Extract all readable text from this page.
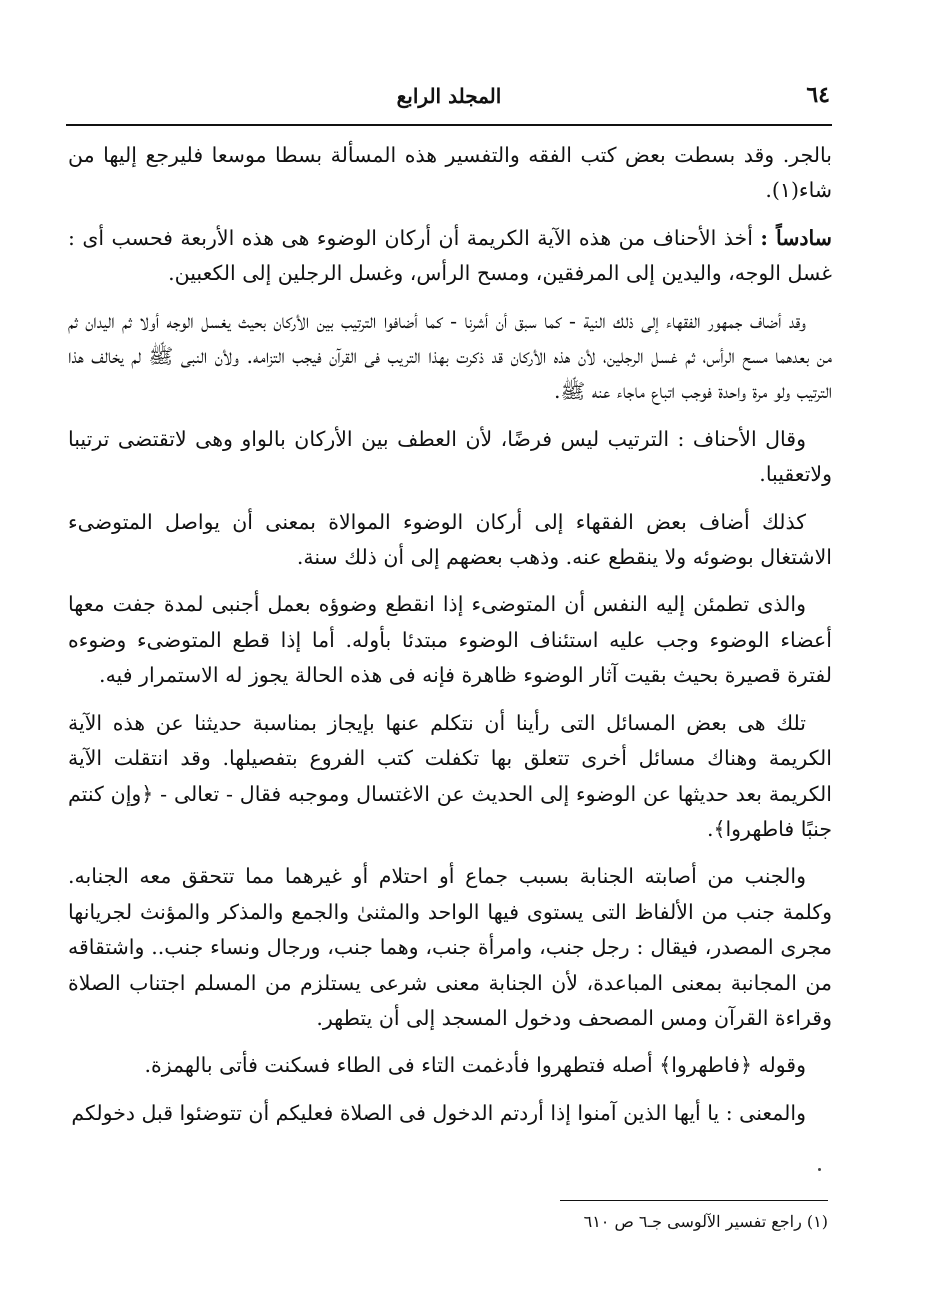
٦٤
المجلد الرابع

بالجر. وقد بسطت بعض كتب الفقه والتفسير هذه المسألة بسطا موسعا فليرجع إليها من شاء(١).

سادساً : أخذ الأحناف من هذه الآية الكريمة أن أركان الوضوء هى هذه الأربعة فحسب أى : غسل الوجه، واليدين إلى المرفقين، ومسح الرأس، وغسل الرجلين إلى الكعبين.

وقد أضاف جمهور الفقهاء إلى ذلك النية - كما سبق أن أشرنا - كما أضافوا الترتيب بين الأركان بحيث يغسل الوجه أولا ثم اليدان ثم من بعدهما مسح الرأس، ثم غسل الرجلين، لأن هذه الأركان قد ذكرت بهذا التريب فى القرآن فيجب التزامه. ولأن النبى ﷺ لم يخالف هذا الترتيب ولو مرة واحدة فوجب اتباع ماجاء عنه ﷺ.

وقال الأحناف : الترتيب ليس فرضًا، لأن العطف بين الأركان بالواو وهى لاتقتضى ترتيبا ولاتعقيبا.

كذلك أضاف بعض الفقهاء إلى أركان الوضوء الموالاة بمعنى أن يواصل المتوضىء الاشتغال بوضوئه ولا ينقطع عنه. وذهب بعضهم إلى أن ذلك سنة.

والذى تطمئن إليه النفس أن المتوضىء إذا انقطع وضوؤه بعمل أجنبى لمدة جفت معها أعضاء الوضوء وجب عليه استئناف الوضوء مبتدئا بأوله. أما إذا قطع المتوضىء وضوءه لفترة قصيرة بحيث بقيت آثار الوضوء ظاهرة فإنه فى هذه الحالة يجوز له الاستمرار فيه.

تلك هى بعض المسائل التى رأينا أن نتكلم عنها بإيجاز بمناسبة حديثنا عن هذه الآية الكريمة وهناك مسائل أخرى تتعلق بها تكفلت كتب الفروع بتفصيلها. وقد انتقلت الآية الكريمة بعد حديثها عن الوضوء إلى الحديث عن الاغتسال وموجبه فقال - تعالى - ﴿وإن كنتم جنبًا فاطهروا﴾.

والجنب من أصابته الجنابة بسبب جماع أو احتلام أو غيرهما مما تتحقق معه الجنابه. وكلمة جنب من الألفاظ التى يستوى فيها الواحد والمثنىٰ والجمع والمذكر والمؤنث لجريانها مجرى المصدر، فيقال : رجل جنب، وامرأة جنب، وهما جنب، ورجال ونساء جنب.. واشتقاقه من المجانبة بمعنى المباعدة، لأن الجنابة معنى شرعى يستلزم من المسلم اجتناب الصلاة وقراءة القرآن ومس المصحف ودخول المسجد إلى أن يتطهر.

وقوله ﴿فاطهروا﴾ أصله فتطهروا فأدغمت التاء فى الطاء فسكنت فأتى بالهمزة.

والمعنى : يا أيها الذين آمنوا إذا أردتم الدخول فى الصلاة فعليكم أن تتوضئوا قبل دخولكم

(١) راجع تفسير الآلوسى جـ٦ ص ٦١٠
